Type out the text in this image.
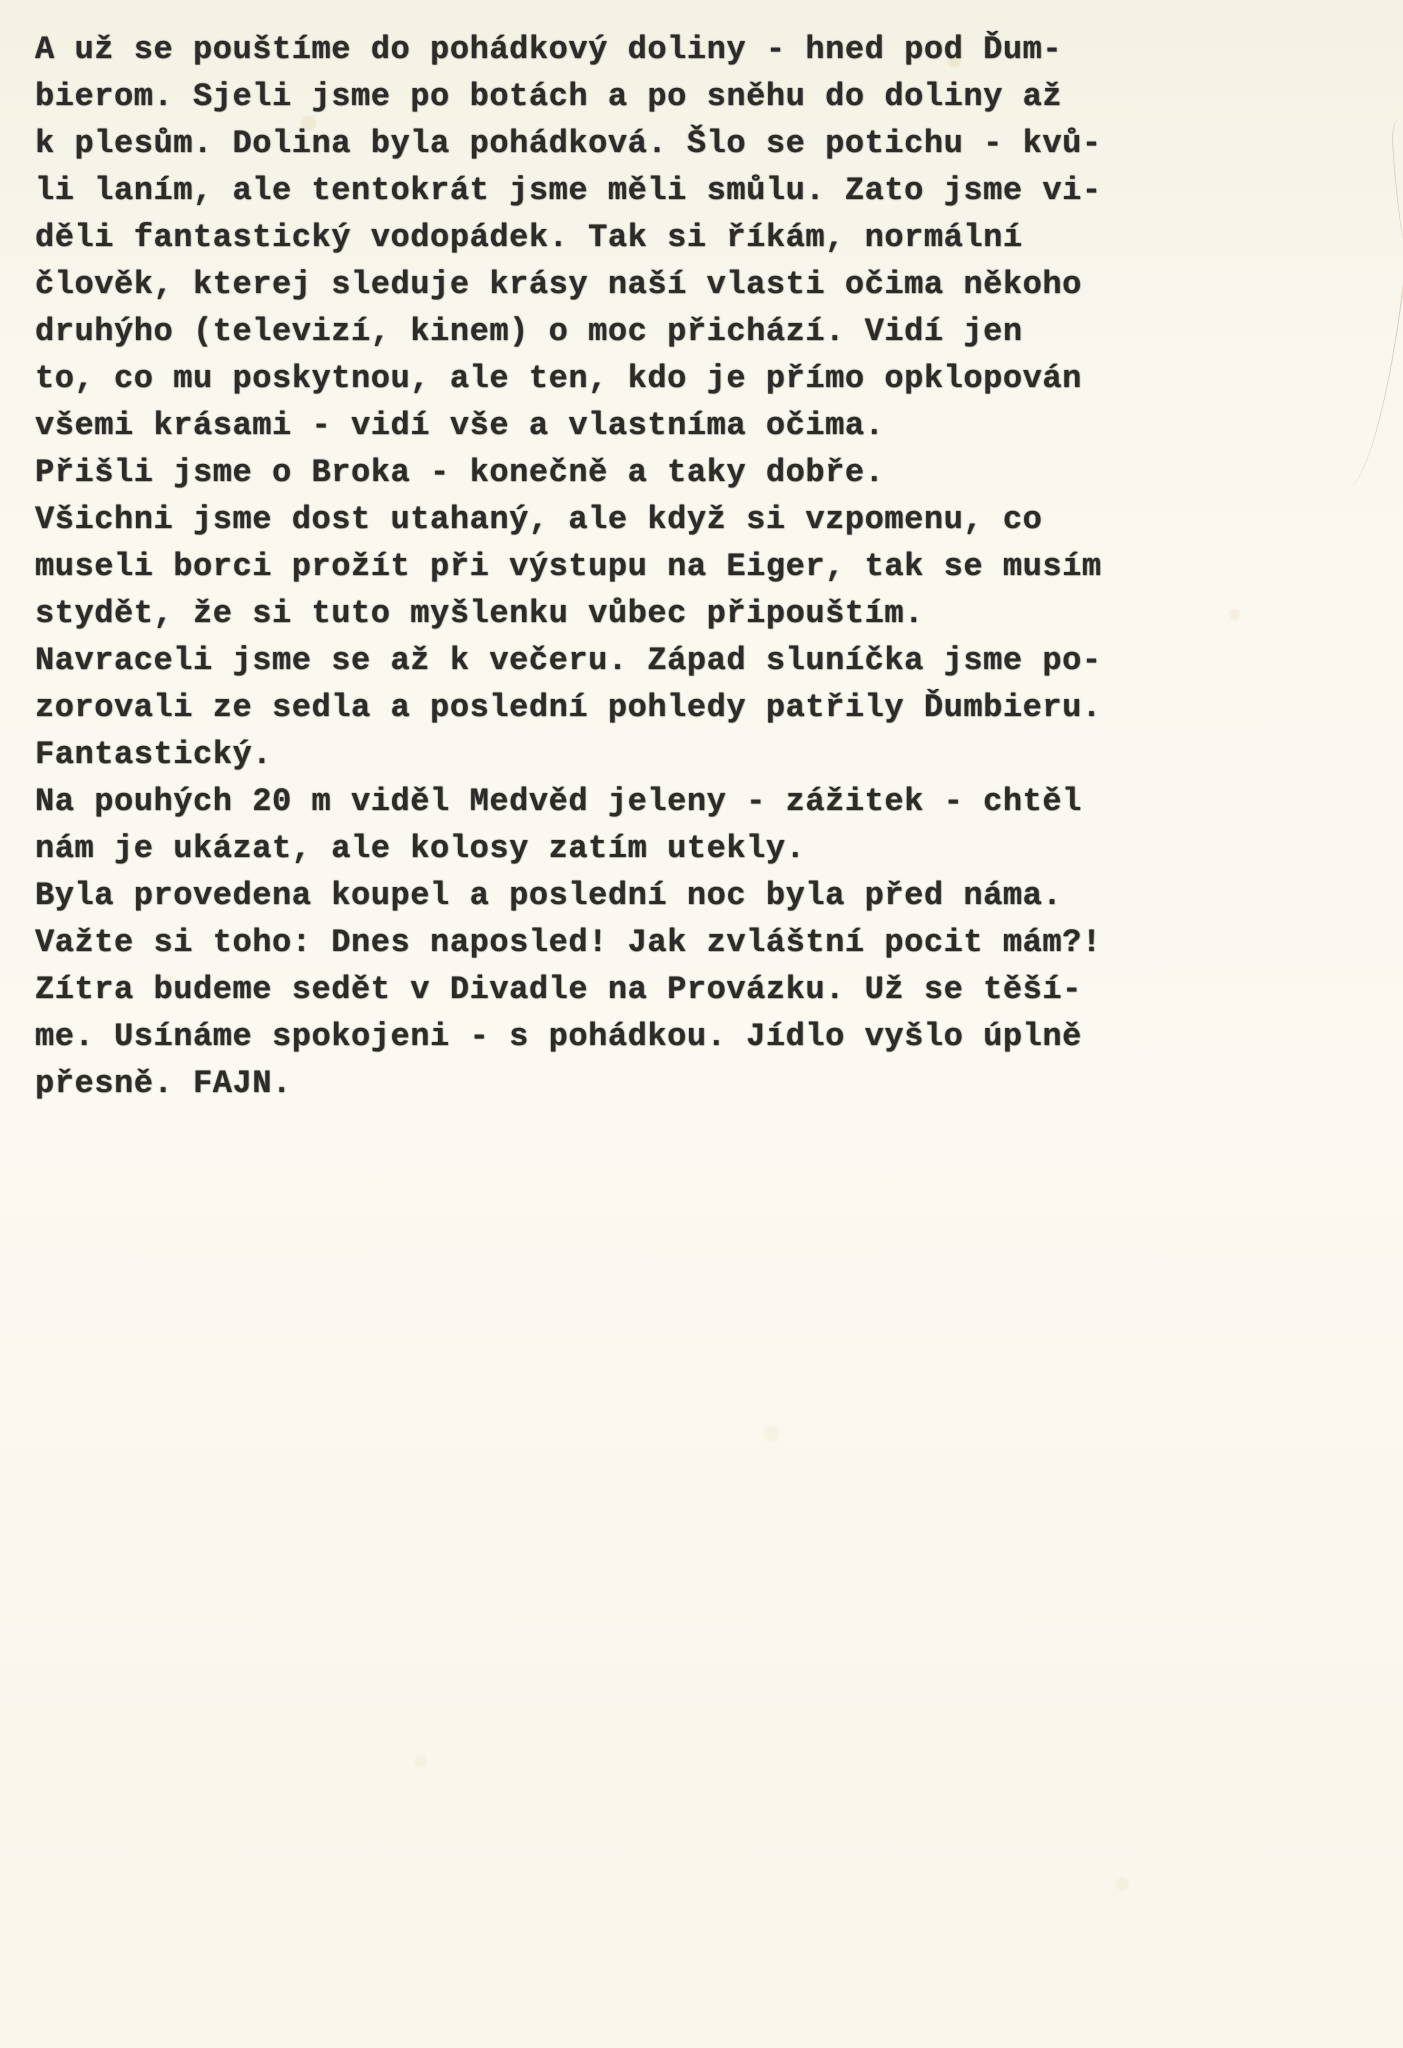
A už se pouštíme do pohádkový doliny - hned pod Ďum-
bierom. Sjeli jsme po botách a po sněhu do doliny až
k plesům. Dolina byla pohádková. Šlo se potichu - kvů-
li laním, ale tentokrát jsme měli smůlu. Zato jsme vi-
děli fantastický vodopádek. Tak si říkám, normální
člověk, kterej sleduje krásy naší vlasti očima někoho
druhýho (televizí, kinem) o moc přichází. Vidí jen
to, co mu poskytnou, ale ten, kdo je přímo opklopován
všemi krásami - vidí vše a vlastníma očima.
Přišli jsme o Broka - konečně a taky dobře.
Všichni jsme dost utahaný, ale když si vzpomenu, co
museli borci prožít při výstupu na Eiger, tak se musím
stydět, že si tuto myšlenku vůbec připouštím.
Navraceli jsme se až k večeru. Západ sluníčka jsme po-
zorovali ze sedla a poslední pohledy patřily Ďumbieru.
Fantastický.
Na pouhých 20 m viděl Medvěd jeleny - zážitek - chtěl
nám je ukázat, ale kolosy zatím utekly.
Byla provedena koupel a poslední noc byla před náma.
Važte si toho: Dnes naposled! Jak zvláštní pocit mám?!
Zítra budeme sedět v Divadle na Provázku. Už se těší-
me. Usínáme spokojeni - s pohádkou. Jídlo vyšlo úplně
přesně. FAJN.
